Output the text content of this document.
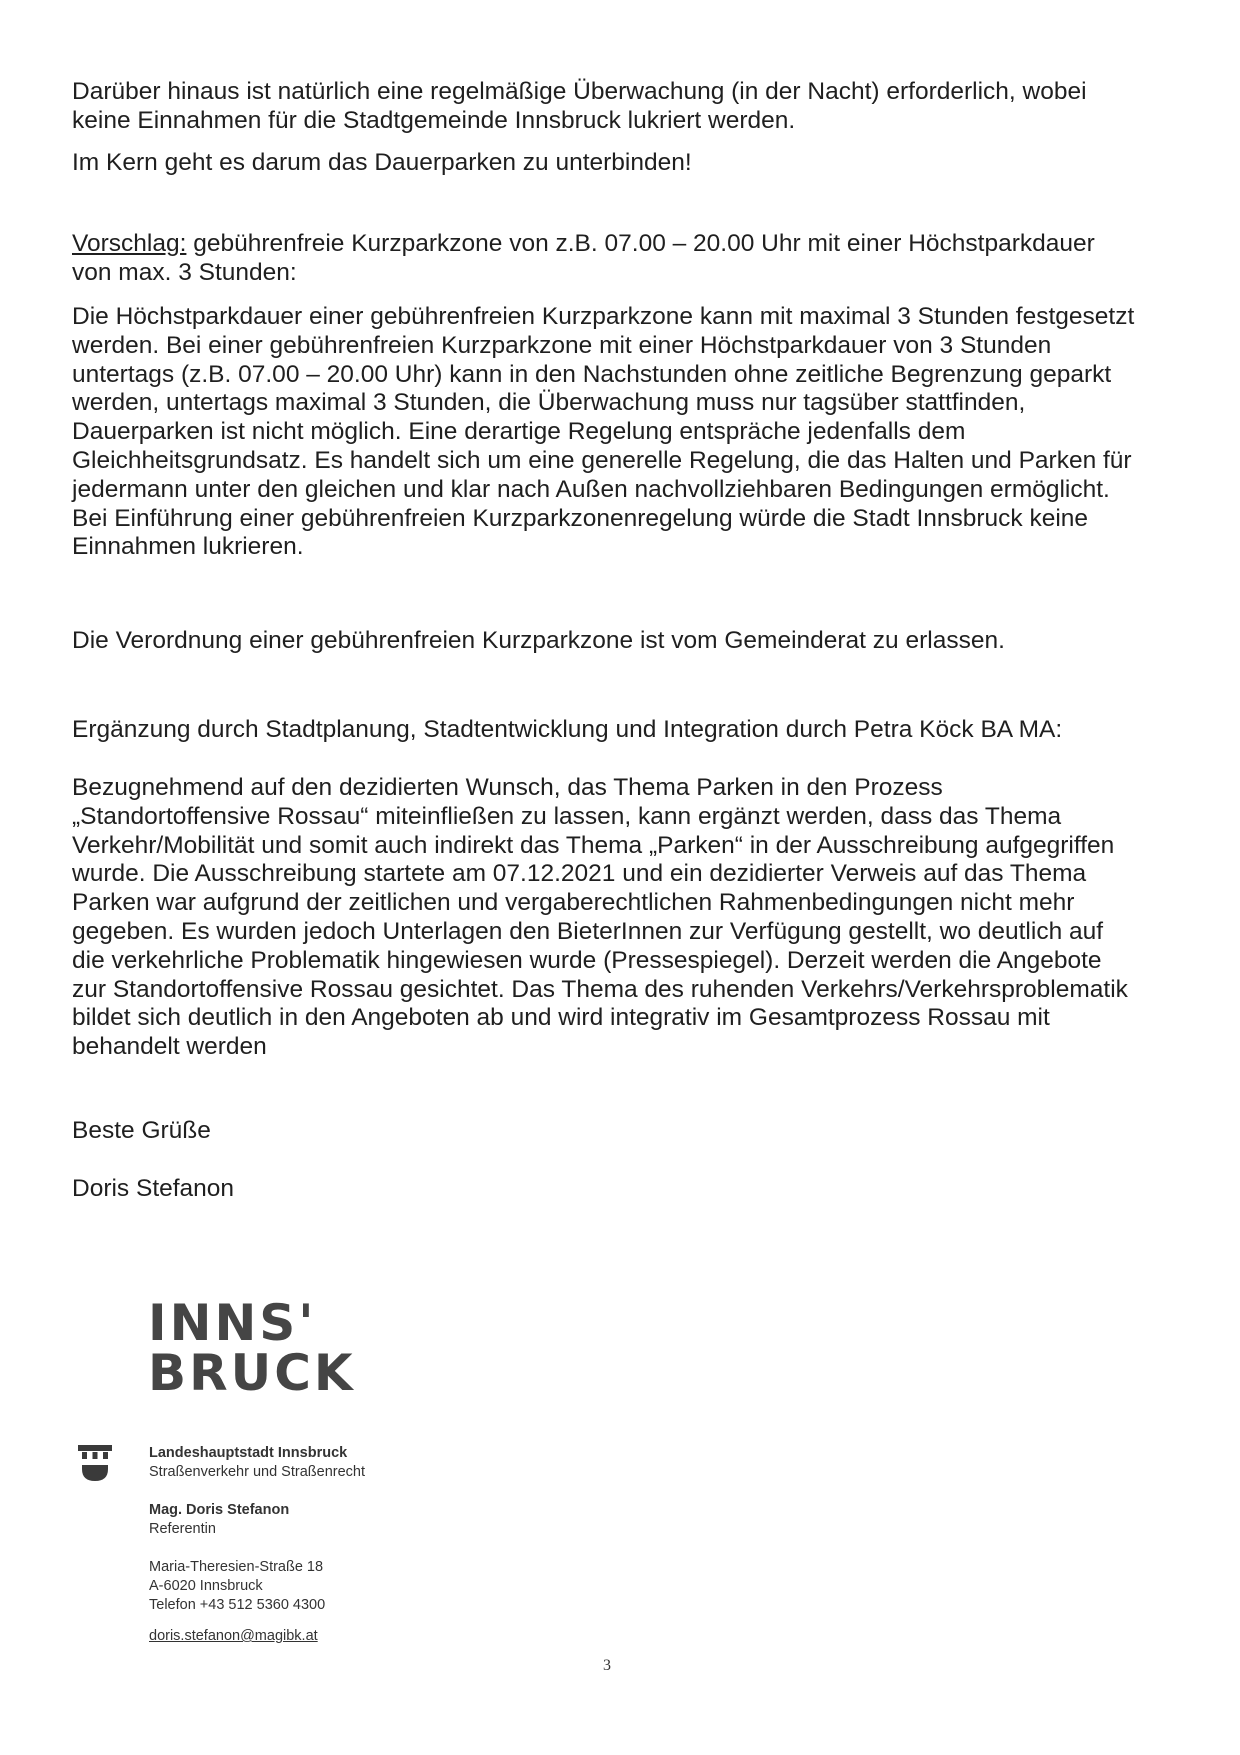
Darüber hinaus ist natürlich eine regelmäßige Überwachung (in der Nacht) erforderlich, wobei
keine Einnahmen für die Stadtgemeinde Innsbruck lukriert werden.

Im Kern geht es darum das Dauerparken zu unterbinden!

Vorschlag: gebührenfreie Kurzparkzone von z.B. 07.00 – 20.00 Uhr mit einer Höchstparkdauer
von max. 3 Stunden:

Die Höchstparkdauer einer gebührenfreien Kurzparkzone kann mit maximal 3 Stunden festgesetzt
werden. Bei einer gebührenfreien Kurzparkzone mit einer Höchstparkdauer von 3 Stunden
untertags (z.B. 07.00 – 20.00 Uhr) kann in den Nachstunden ohne zeitliche Begrenzung geparkt
werden, untertags maximal 3 Stunden, die Überwachung muss nur tagsüber stattfinden,
Dauerparken ist nicht möglich. Eine derartige Regelung entspräche jedenfalls dem
Gleichheitsgrundsatz. Es handelt sich um eine generelle Regelung, die das Halten und Parken für
jedermann unter den gleichen und klar nach Außen nachvollziehbaren Bedingungen ermöglicht.
Bei Einführung einer gebührenfreien Kurzparkzonenregelung würde die Stadt Innsbruck keine
Einnahmen lukrieren.

Die Verordnung einer gebührenfreien Kurzparkzone ist vom Gemeinderat zu erlassen.

Ergänzung durch Stadtplanung, Stadtentwicklung und Integration durch Petra Köck BA MA:

Bezugnehmend auf den dezidierten Wunsch, das Thema Parken in den Prozess
„Standortoffensive Rossau“ miteinfließen zu lassen, kann ergänzt werden, dass das Thema
Verkehr/Mobilität und somit auch indirekt das Thema „Parken“ in der Ausschreibung aufgegriffen
wurde. Die Ausschreibung startete am 07.12.2021 und ein dezidierter Verweis auf das Thema
Parken war aufgrund der zeitlichen und vergaberechtlichen Rahmenbedingungen nicht mehr
gegeben. Es wurden jedoch Unterlagen den BieterInnen zur Verfügung gestellt, wo deutlich auf
die verkehrliche Problematik hingewiesen wurde (Pressespiegel). Derzeit werden die Angebote
zur Standortoffensive Rossau gesichtet. Das Thema des ruhenden Verkehrs/Verkehrsproblematik
bildet sich deutlich in den Angeboten ab und wird integrativ im Gesamtprozess Rossau mit
behandelt werden

Beste Grüße

Doris Stefanon

INNS'
BRUCK
Landeshauptstadt Innsbruck
Straßenverkehr und Straßenrecht
Mag. Doris Stefanon
Referentin
Maria-Theresien-Straße 18
A-6020 Innsbruck
Telefon +43 512 5360 4300
doris.stefanon@magibk.at
3
